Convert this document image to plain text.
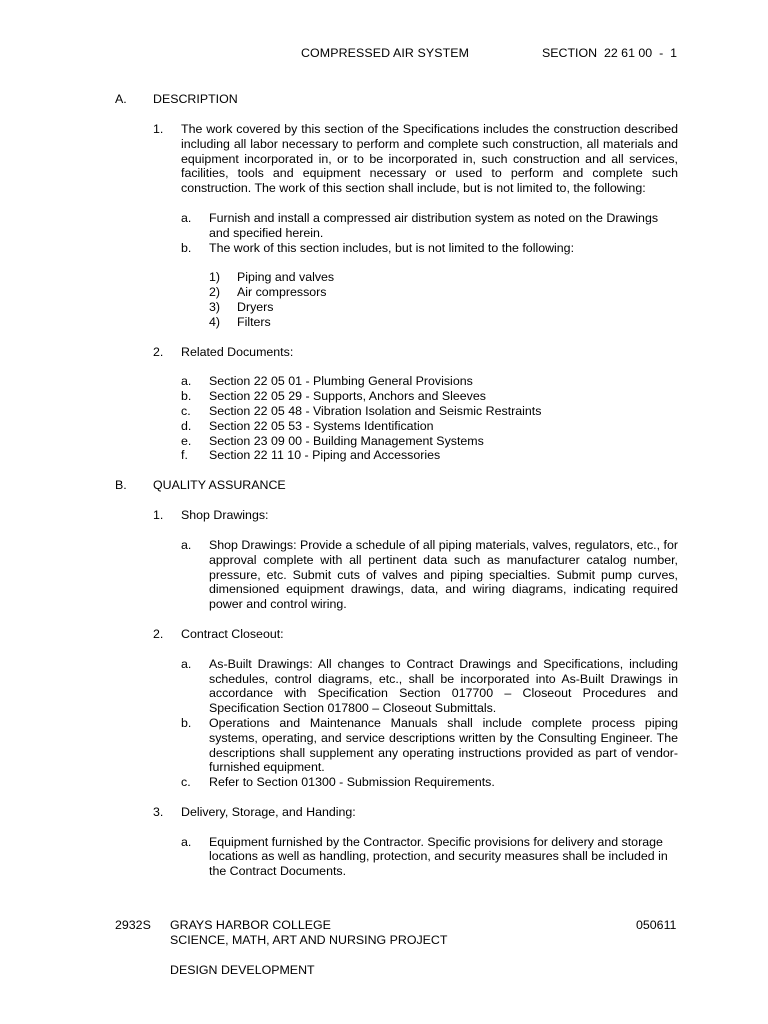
COMPRESSED AIR SYSTEM	SECTION  22 61 00  -  1
A. DESCRIPTION
1. The work covered by this section of the Specifications includes the construction described including all labor necessary to perform and complete such construction, all materials and equipment incorporated in, or to be incorporated in, such construction and all services, facilities, tools and equipment necessary or used to perform and complete such construction. The work of this section shall include, but is not limited to, the following:
a. Furnish and install a compressed air distribution system as noted on the Drawings and specified herein.
b. The work of this section includes, but is not limited to the following:
1) Piping and valves
2) Air compressors
3) Dryers
4) Filters
2. Related Documents:
a. Section 22 05 01 - Plumbing General Provisions
b. Section 22 05 29 - Supports, Anchors and Sleeves
c. Section 22 05 48 - Vibration Isolation and Seismic Restraints
d. Section 22 05 53 - Systems Identification
e. Section 23 09 00 - Building Management Systems
f. Section 22 11 10 - Piping and Accessories
B. QUALITY ASSURANCE
1. Shop Drawings:
a. Shop Drawings: Provide a schedule of all piping materials, valves, regulators, etc., for approval complete with all pertinent data such as manufacturer catalog number, pressure, etc. Submit cuts of valves and piping specialties. Submit pump curves, dimensioned equipment drawings, data, and wiring diagrams, indicating required power and control wiring.
2. Contract Closeout:
a. As-Built Drawings: All changes to Contract Drawings and Specifications, including schedules, control diagrams, etc., shall be incorporated into As-Built Drawings in accordance with Specification Section 017700 – Closeout Procedures and Specification Section 017800 – Closeout Submittals.
b. Operations and Maintenance Manuals shall include complete process piping systems, operating, and service descriptions written by the Consulting Engineer. The descriptions shall supplement any operating instructions provided as part of vendor-furnished equipment.
c. Refer to Section 01300 - Submission Requirements.
3. Delivery, Storage, and Handing:
a. Equipment furnished by the Contractor. Specific provisions for delivery and storage locations as well as handling, protection, and security measures shall be included in the Contract Documents.
2932S GRAYS HARBOR COLLEGE
SCIENCE, MATH, ART AND NURSING PROJECT
DESIGN DEVELOPMENT
050611
